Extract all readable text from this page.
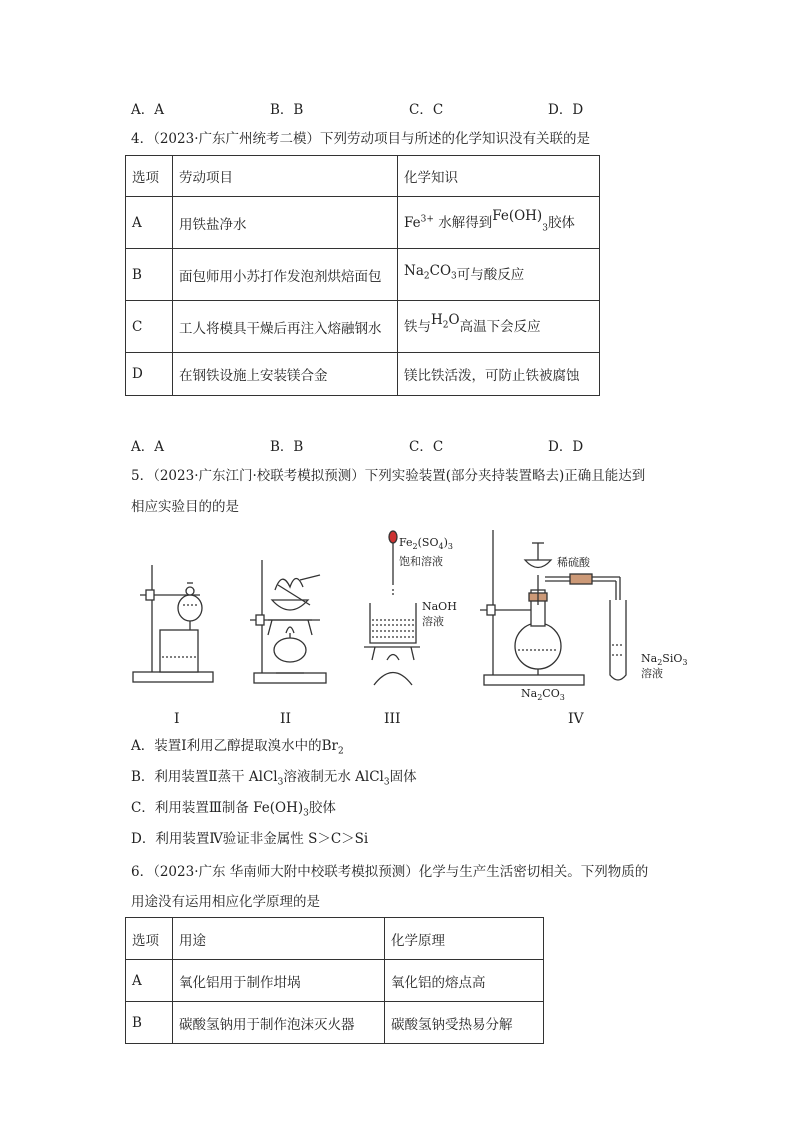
A．A	B．B	C．C	D．D
4．（2023·广东广州统考二模）下列劳动项目与所述的化学知识没有关联的是
选项	劳动项目	化学知识
A	用铁盐净水	$Fe^{3+}$ 水解得到$Fe(OH)_3$胶体
B	面包师用小苏打作发泡剂烘焙面包	$Na_2CO_3$可与酸反应
C	工人将模具干燥后再注入熔融钢水	铁与$H_2O$高温下会反应
D	在钢铁设施上安装镁合金	镁比铁活泼，可防止铁被腐蚀
A．A	B．B	C．C	D．D
5．（2023·广东江门·校联考模拟预测）下列实验装置(部分夹持装置略去)正确且能达到
相应实验目的的是
$Fe_2(SO_4)_3$
饱和溶液
NaOH
溶液
稀硫酸
$Na_2SiO_3$
溶液
$Na_2CO_3$
I	II	III	IV
A．装置Ⅰ利用乙醇提取溴水中的$Br_2$
B．利用装置Ⅱ蒸干 AlCl$_3$溶液制无水 AlCl$_3$固体
C．利用装置Ⅲ制备 $Fe(OH)_3$胶体
D．利用装置Ⅳ验证非金属性 S＞C＞Si
6．（2023·广东 华南师大附中校联考模拟预测）化学与生产生活密切相关。下列物质的
用途没有运用相应化学原理的是
选项	用途	化学原理
A	氧化铝用于制作坩埚	氧化铝的熔点高
B	碳酸氢钠用于制作泡沫灭火器	碳酸氢钠受热易分解
